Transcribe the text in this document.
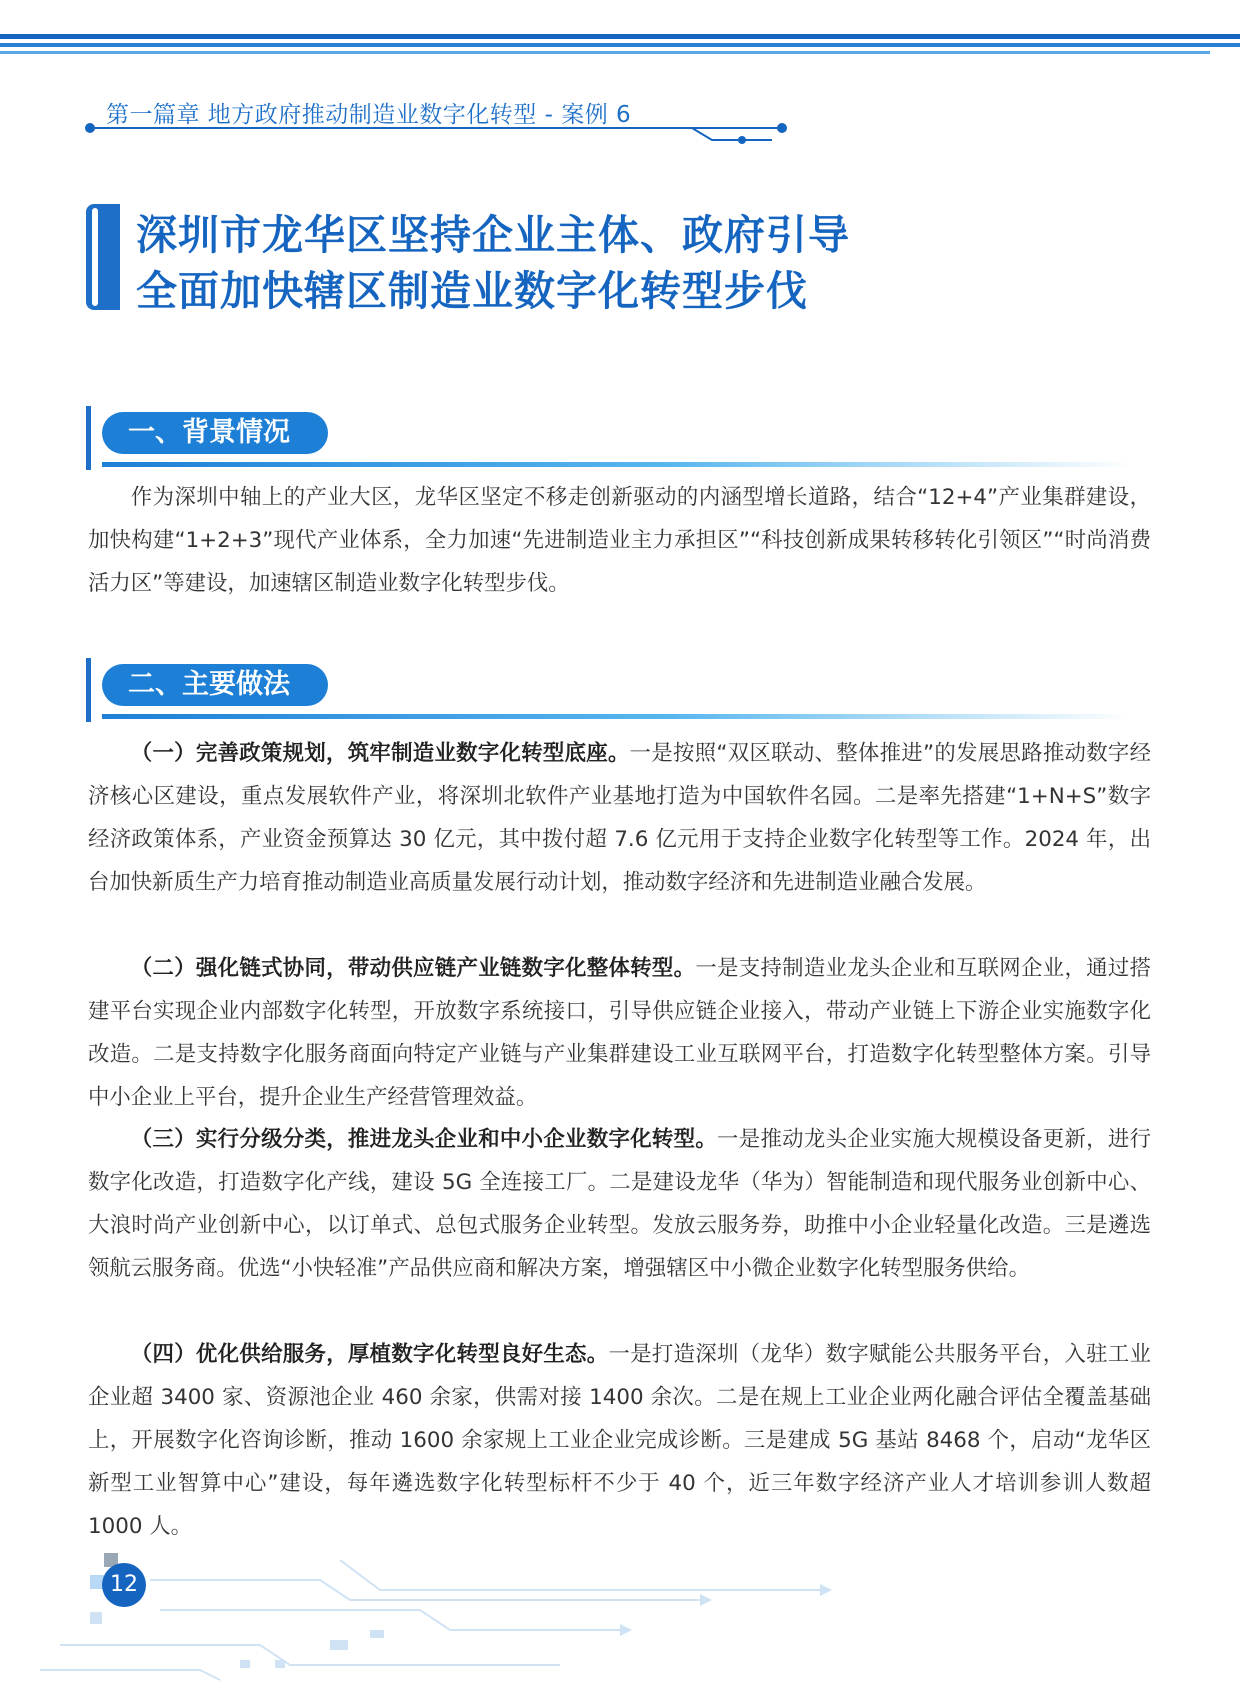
第一篇章 地方政府推动制造业数字化转型 - 案例 6
深圳市龙华区坚持企业主体、政府引导
全面加快辖区制造业数字化转型步伐
一、背景情况

作为深圳中轴上的产业大区，龙华区坚定不移走创新驱动的内涵型增长道路，结合“12+4”产业集群建设，加快构建“1+2+3”现代产业体系，全力加速“先进制造业主力承担区”“科技创新成果转移转化引领区”“时尚消费活力区”等建设，加速辖区制造业数字化转型步伐。

二、主要做法

（一）完善政策规划，筑牢制造业数字化转型底座。一是按照“双区联动、整体推进”的发展思路推动数字经济核心区建设，重点发展软件产业，将深圳北软件产业基地打造为中国软件名园。二是率先搭建“1+N+S”数字经济政策体系，产业资金预算达 30 亿元，其中拨付超 7.6 亿元用于支持企业数字化转型等工作。2024 年，出台加快新质生产力培育推动制造业高质量发展行动计划，推动数字经济和先进制造业融合发展。

（二）强化链式协同，带动供应链产业链数字化整体转型。一是支持制造业龙头企业和互联网企业，通过搭建平台实现企业内部数字化转型，开放数字系统接口，引导供应链企业接入，带动产业链上下游企业实施数字化改造。二是支持数字化服务商面向特定产业链与产业集群建设工业互联网平台，打造数字化转型整体方案。引导中小企业上平台，提升企业生产经营管理效益。

（三）实行分级分类，推进龙头企业和中小企业数字化转型。一是推动龙头企业实施大规模设备更新，进行数字化改造，打造数字化产线，建设 5G 全连接工厂。二是建设龙华（华为）智能制造和现代服务业创新中心、大浪时尚产业创新中心，以订单式、总包式服务企业转型。发放云服务券，助推中小企业轻量化改造。三是遴选领航云服务商。优选“小快轻准”产品供应商和解决方案，增强辖区中小微企业数字化转型服务供给。

（四）优化供给服务，厚植数字化转型良好生态。一是打造深圳（龙华）数字赋能公共服务平台，入驻工业企业超 3400 家、资源池企业 460 余家，供需对接 1400 余次。二是在规上工业企业两化融合评估全覆盖基础上，开展数字化咨询诊断，推动 1600 余家规上工业企业完成诊断。三是建成 5G 基站 8468 个，启动“龙华区新型工业智算中心”建设，每年遴选数字化转型标杆不少于 40 个，近三年数字经济产业人才培训参训人数超 1000 人。

12
